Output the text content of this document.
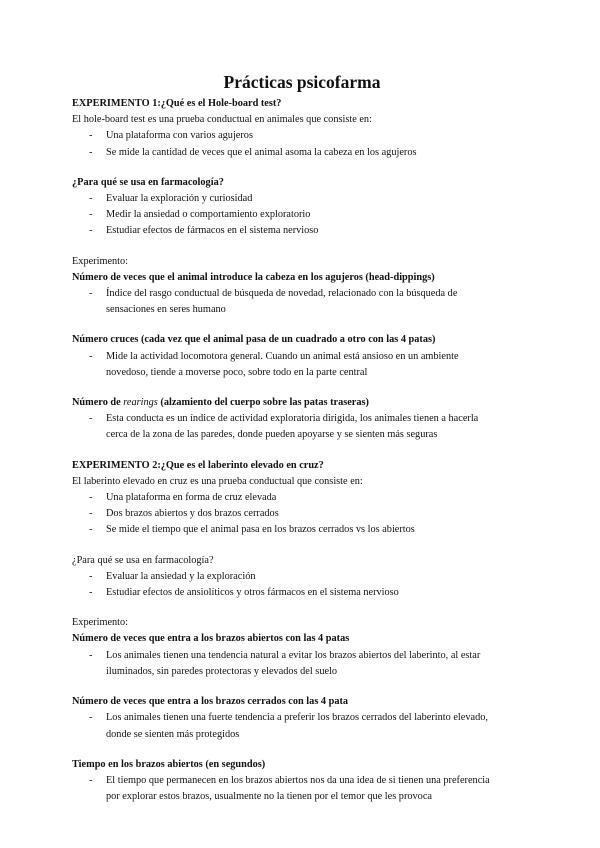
Prácticas psicofarma
EXPERIMENTO 1:¿Qué es el Hole-board test?
El hole-board test es una prueba conductual en animales que consiste en:
- Una plataforma con varios agujeros
- Se mide la cantidad de veces que el animal asoma la cabeza en los agujeros
¿Para qué se usa en farmacología?
- Evaluar la exploración y curiosidad
- Medir la ansiedad o comportamiento exploratorio
- Estudiar efectos de fármacos en el sistema nervioso
Experimento:
Número de veces que el animal introduce la cabeza en los agujeros (head-dippings)
- Índice del rasgo conductual de búsqueda de novedad, relacionado con la búsqueda de
sensaciones en seres humano
Número cruces (cada vez que el animal pasa de un cuadrado a otro con las 4 patas)
- Mide la actividad locomotora general. Cuando un animal está ansioso en un ambiente
novedoso, tiende a moverse poco, sobre todo en la parte central
Número de rearings (alzamiento del cuerpo sobre las patas traseras)
- Esta conducta es un índice de actividad exploratoria dirigida, los animales tienen a hacerla
cerca de la zona de las paredes, donde pueden apoyarse y se sienten más seguras
EXPERIMENTO 2:¿Que es el laberinto elevado en cruz?
El laberinto elevado en cruz es una prueba conductual que consiste en:
- Una plataforma en forma de cruz elevada
- Dos brazos abiertos y dos brazos cerrados
- Se mide el tiempo que el animal pasa en los brazos cerrados vs los abiertos
¿Para qué se usa en farmacología?
- Evaluar la ansiedad y la exploración
- Estudiar efectos de ansiolíticos y otros fármacos en el sistema nervioso
Experimento:
Número de veces que entra a los brazos abiertos con las 4 patas
- Los animales tienen una tendencia natural a evitar los brazos abiertos del laberinto, al estar
iluminados, sin paredes protectoras y elevados del suelo
Número de veces que entra a los brazos cerrados con las 4 pata
- Los animales tienen una fuerte tendencia a preferir los brazos cerrados del laberinto elevado,
donde se sienten más protegidos
Tiempo en los brazos abiertos (en segundos)
- El tiempo que permanecen en los brazos abiertos nos da una idea de si tienen una preferencia
por explorar estos brazos, usualmente no la tienen por el temor que les provoca
